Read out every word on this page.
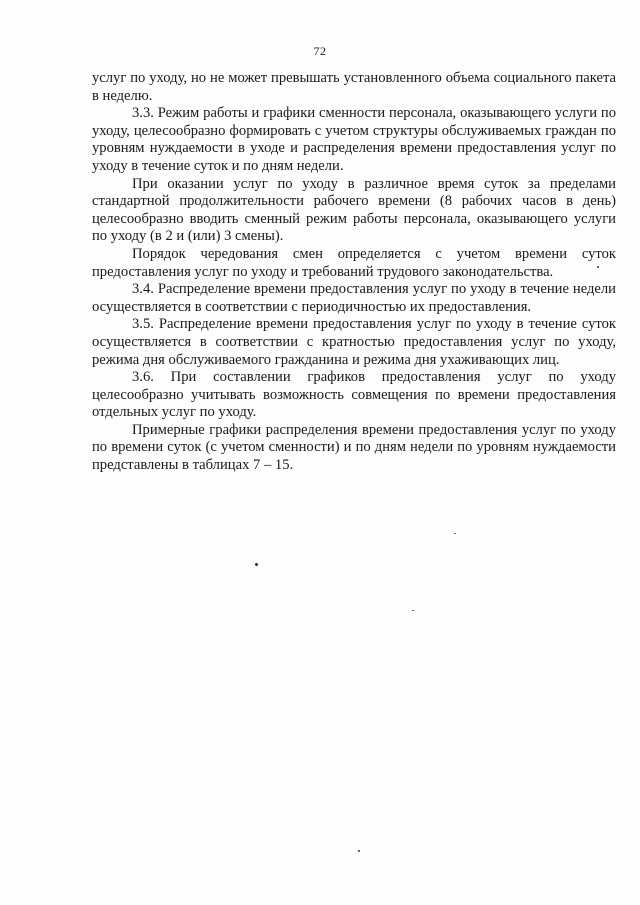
72

услуг по уходу, но не может превышать установленного объема социального пакета в неделю.

3.3. Режим работы и графики сменности персонала, оказывающего услуги по уходу, целесообразно формировать с учетом структуры обслуживаемых граждан по уровням нуждаемости в уходе и распределения времени предоставления услуг по уходу в течение суток и по дням недели.

При оказании услуг по уходу в различное время суток за пределами стандартной продолжительности рабочего времени (8 рабочих часов в день) целесообразно вводить сменный режим работы персонала, оказывающего услуги по уходу (в 2 и (или) 3 смены).

Порядок чередования смен определяется с учетом времени суток предоставления услуг по уходу и требований трудового законодательства.

3.4. Распределение времени предоставления услуг по уходу в течение недели осуществляется в соответствии с периодичностью их предоставления.

3.5. Распределение времени предоставления услуг по уходу в течение суток осуществляется в соответствии с кратностью предоставления услуг по уходу, режима дня обслуживаемого гражданина и режима дня ухаживающих лиц.

3.6. При составлении графиков предоставления услуг по уходу целесообразно учитывать возможность совмещения по времени предоставления отдельных услуг по уходу.

Примерные графики распределения времени предоставления услуг по уходу по времени суток (с учетом сменности) и по дням недели по уровням нуждаемости представлены в таблицах 7 – 15.
